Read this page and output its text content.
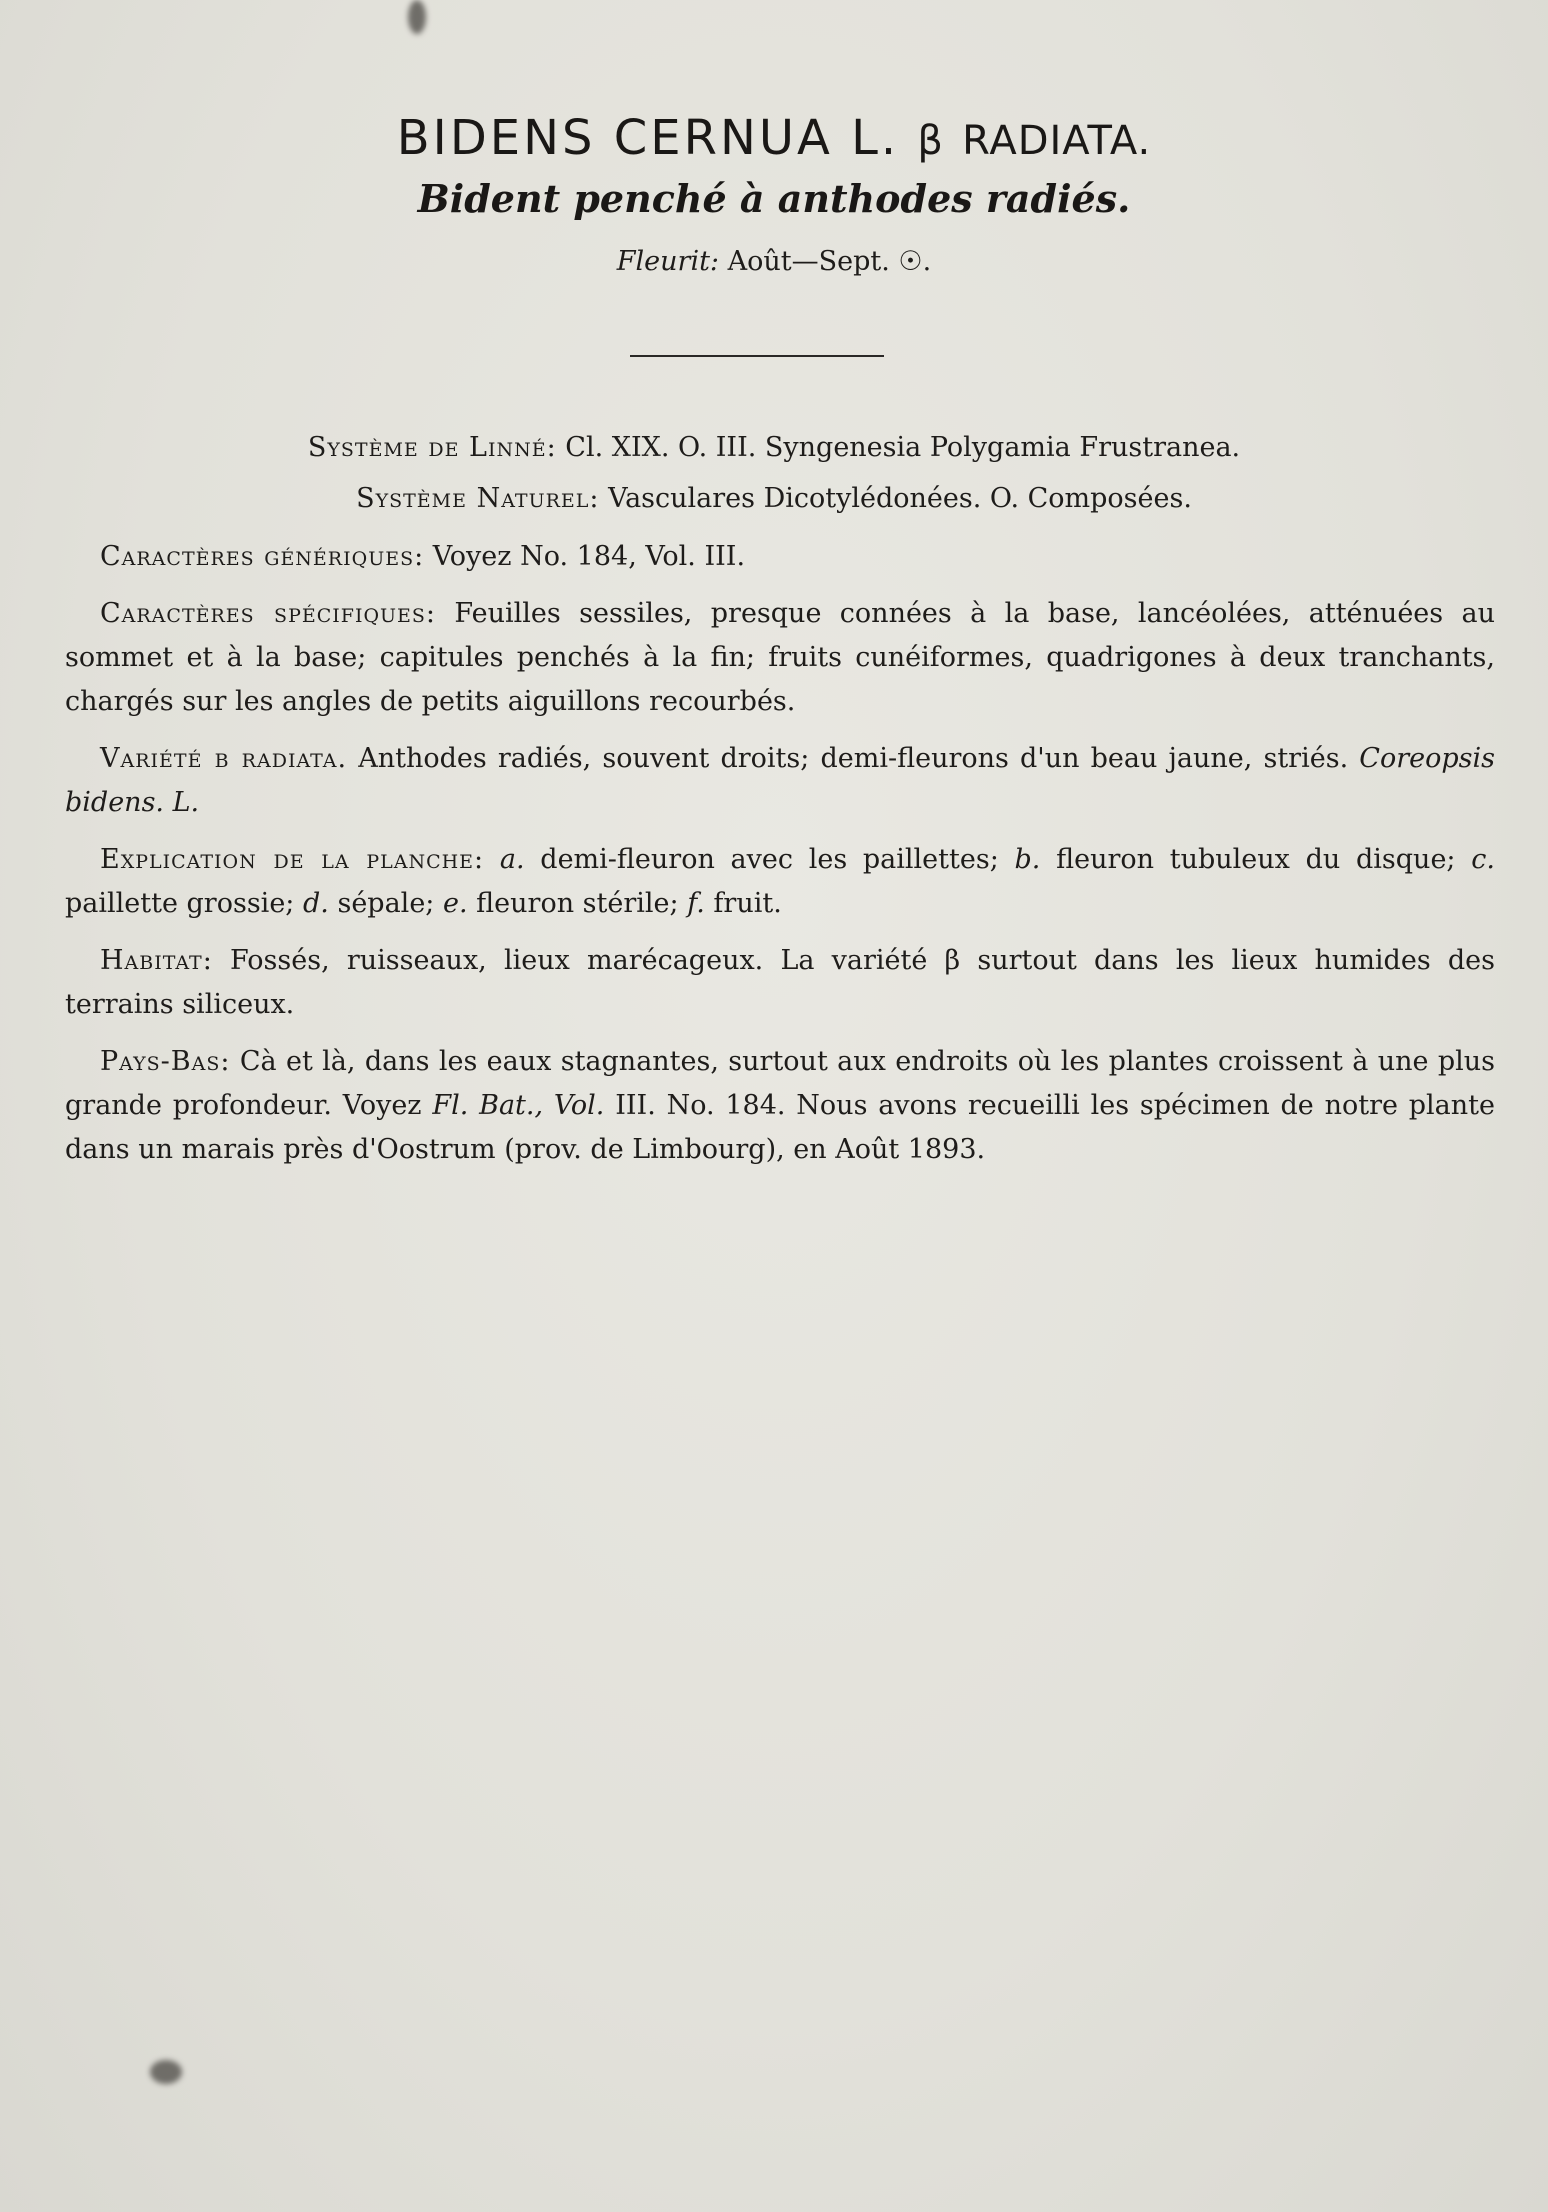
BIDENS CERNUA L. β RADIATA.
Bident penché à anthodes radiés.
Fleurit: Août—Sept. ☉.
Système de Linné: Cl. XIX. O. III. Syngenesia Polygamia Frustranea.
Système Naturel: Vasculares Dicotylédonées. O. Composées.

Caractères génériques: Voyez No. 184, Vol. III.

Caractères spécifiques: Feuilles sessiles, presque connées à la base, lancéolées, atténuées au sommet et à la base; capitules penchés à la fin; fruits cunéiformes, quadrigones à deux tranchants, chargés sur les angles de petits aiguillons recourbés.

Variété β radiata. Anthodes radiés, souvent droits; demi-fleurons d'un beau jaune, striés. Coreopsis bidens. L.

Explication de la planche: a. demi-fleuron avec les paillettes; b. fleuron tubuleux du disque; c. paillette grossie; d. sépale; e. fleuron stérile; f. fruit.

Habitat: Fossés, ruisseaux, lieux marécageux. La variété β surtout dans les lieux humides des terrains siliceux.

Pays-Bas: Cà et là, dans les eaux stagnantes, surtout aux endroits où les plantes croissent à une plus grande profondeur. Voyez Fl. Bat., Vol. III. No. 184. Nous avons recueilli les spécimen de notre plante dans un marais près d'Oostrum (prov. de Limbourg), en Août 1893.
